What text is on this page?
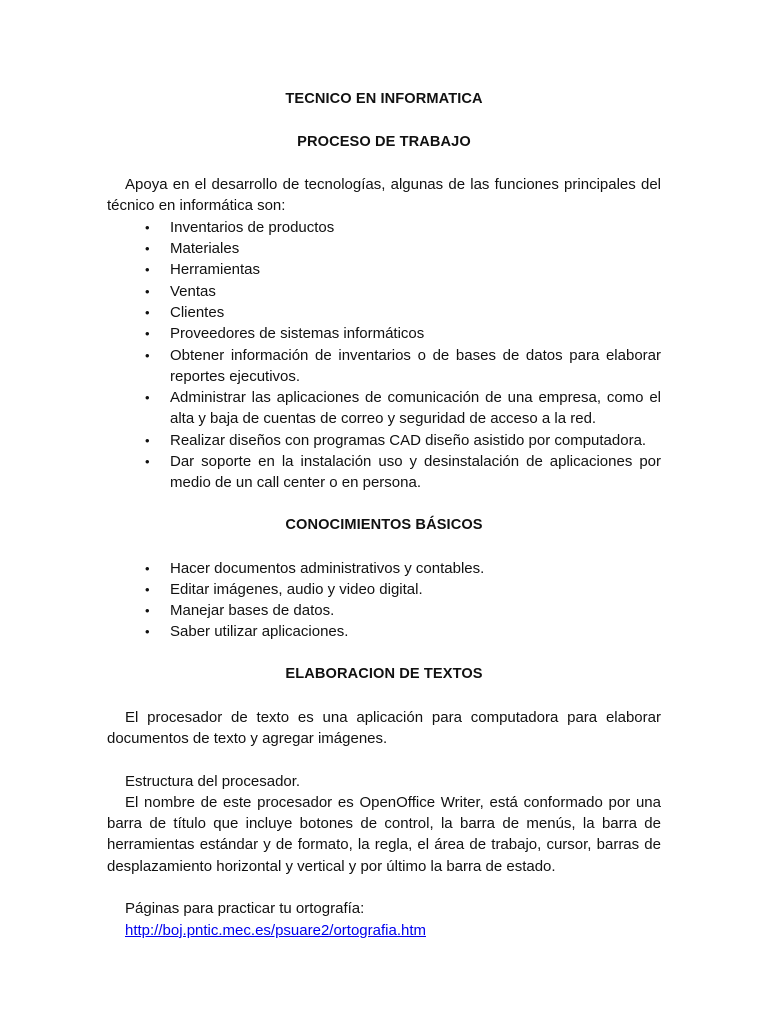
TECNICO EN INFORMATICA

PROCESO DE TRABAJO

Apoya en el desarrollo de tecnologías, algunas de las funciones principales del técnico en informática son:

• Inventarios de productos
• Materiales
• Herramientas
• Ventas
• Clientes
• Proveedores de sistemas informáticos
• Obtener información de inventarios o de bases de datos para elaborar reportes ejecutivos.
• Administrar las aplicaciones de comunicación de una empresa, como el alta y baja de cuentas de correo y seguridad de acceso a la red.
• Realizar diseños con programas CAD diseño asistido por computadora.
• Dar soporte en la instalación uso y desinstalación de aplicaciones por medio de un call center o en persona.

CONOCIMIENTOS BÁSICOS

• Hacer documentos administrativos y contables.
• Editar imágenes, audio y video digital.
• Manejar bases de datos.
• Saber utilizar aplicaciones.

ELABORACION DE TEXTOS

El procesador de texto es una aplicación para computadora para elaborar documentos de texto y agregar imágenes.

Estructura del procesador.

El nombre de este procesador es OpenOffice Writer, está conformado por una barra de título que incluye botones de control, la barra de menús, la barra de herramientas estándar y de formato, la regla, el área de trabajo, cursor, barras de desplazamiento horizontal y vertical y por último la barra de estado.

Páginas para practicar tu ortografía:

http://boj.pntic.mec.es/psuare2/ortografia.htm
